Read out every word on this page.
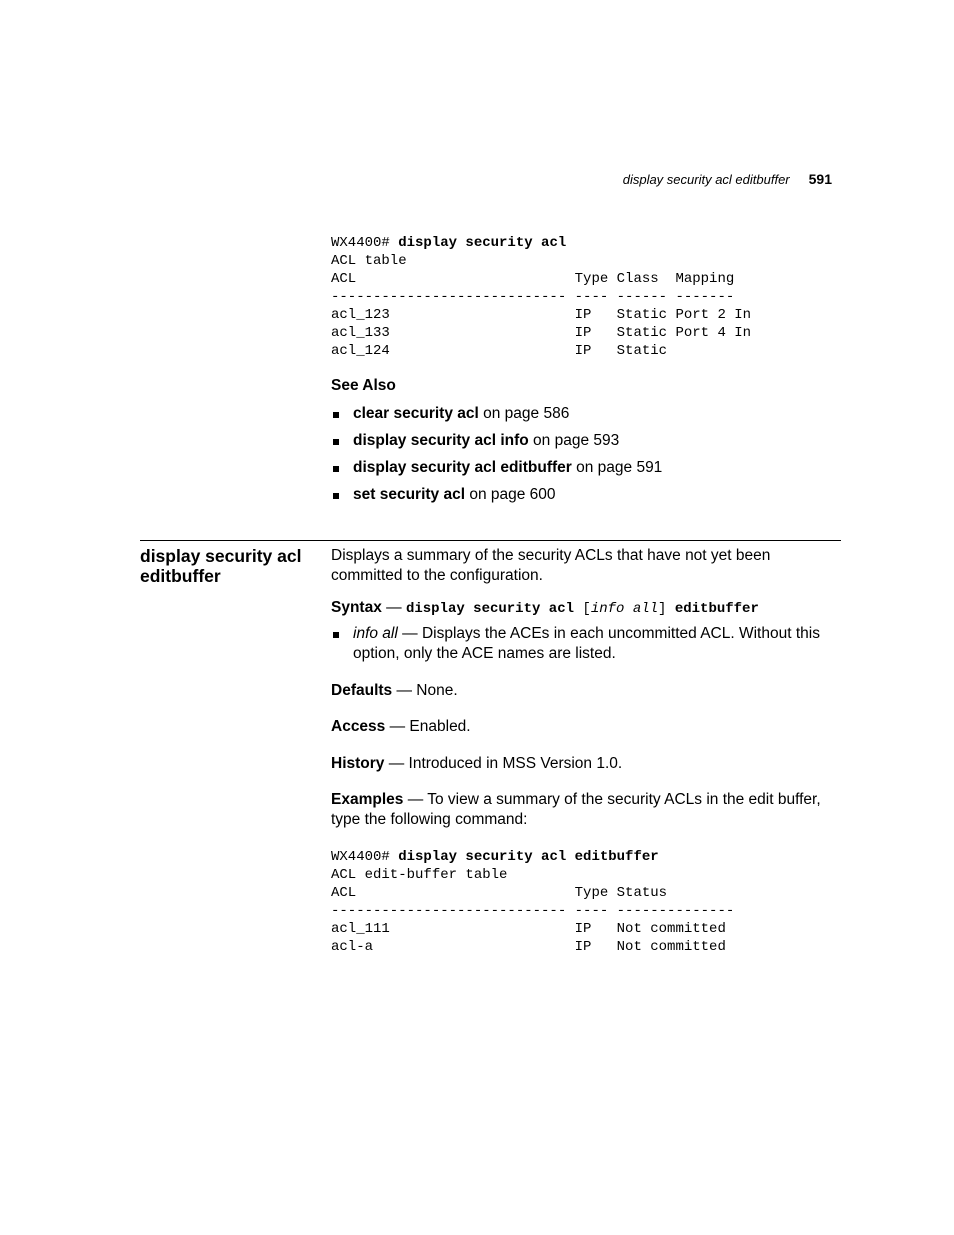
display security acl editbuffer 591
WX4400# display security acl
ACL table
ACL                          Type Class  Mapping
---------------------------- ---- ------ -------
acl_123                      IP   Static Port 2 In
acl_133                      IP   Static Port 4 In
acl_124                      IP   Static
See Also
clear security acl on page 586
display security acl info on page 593
display security acl editbuffer on page 591
set security acl on page 600
display security acl
editbuffer
Displays a summary of the security ACLs that have not yet been
committed to the configuration.
Syntax — display security acl [info all] editbuffer
info all — Displays the ACEs in each uncommitted ACL. Without this
option, only the ACE names are listed.
Defaults — None.
Access — Enabled.
History — Introduced in MSS Version 1.0.
Examples — To view a summary of the security ACLs in the edit buffer,
type the following command:
WX4400# display security acl editbuffer
ACL edit-buffer table
ACL                          Type Status
---------------------------- ---- --------------
acl_111                      IP   Not committed
acl-a                        IP   Not committed
